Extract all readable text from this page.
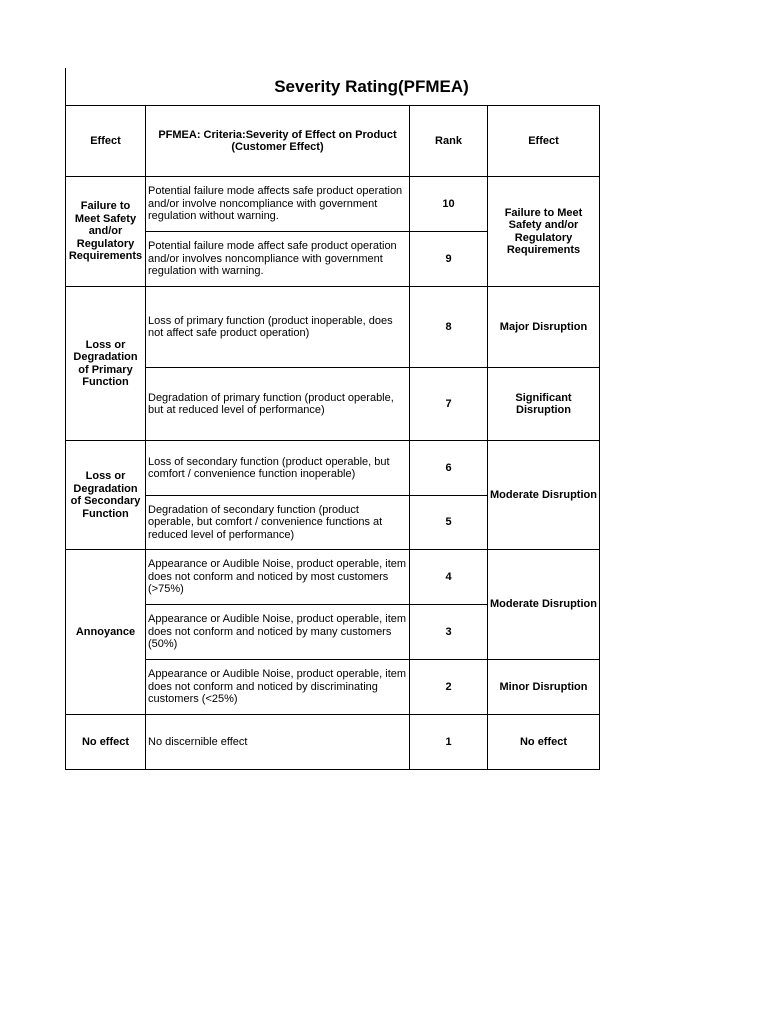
Severity Rating(PFMEA)
Effect	PFMEA: Criteria:Severity of Effect on Product (Customer Effect)	Rank	Effect
Failure to Meet Safety and/or Regulatory Requirements	Potential failure mode affects safe product operation and/or involve noncompliance with government regulation without warning.	10	Failure to Meet Safety and/or Regulatory Requirements
	Potential failure mode affect safe product operation and/or involves noncompliance with government regulation with warning.	9	
Loss or Degradation of Primary Function	Loss of primary function (product inoperable, does not affect safe product operation)	8	Major Disruption
	Degradation of primary function (product operable, but at reduced level of performance)	7	Significant Disruption
Loss or Degradation of Secondary Function	Loss of secondary function (product operable, but comfort / convenience function inoperable)	6	Moderate Disruption
	Degradation of secondary function (product operable, but comfort / convenience functions at reduced level of performance)	5	
Annoyance	Appearance or Audible Noise, product operable, item does not conform and noticed by most customers (>75%)	4	Moderate Disruption
	Appearance or Audible Noise, product operable, item does not conform and noticed by many customers (50%)	3	
	Appearance or Audible Noise, product operable, item does not conform and noticed by discriminating customers (<25%)	2	Minor Disruption
No effect	No discernible effect	1	No effect
